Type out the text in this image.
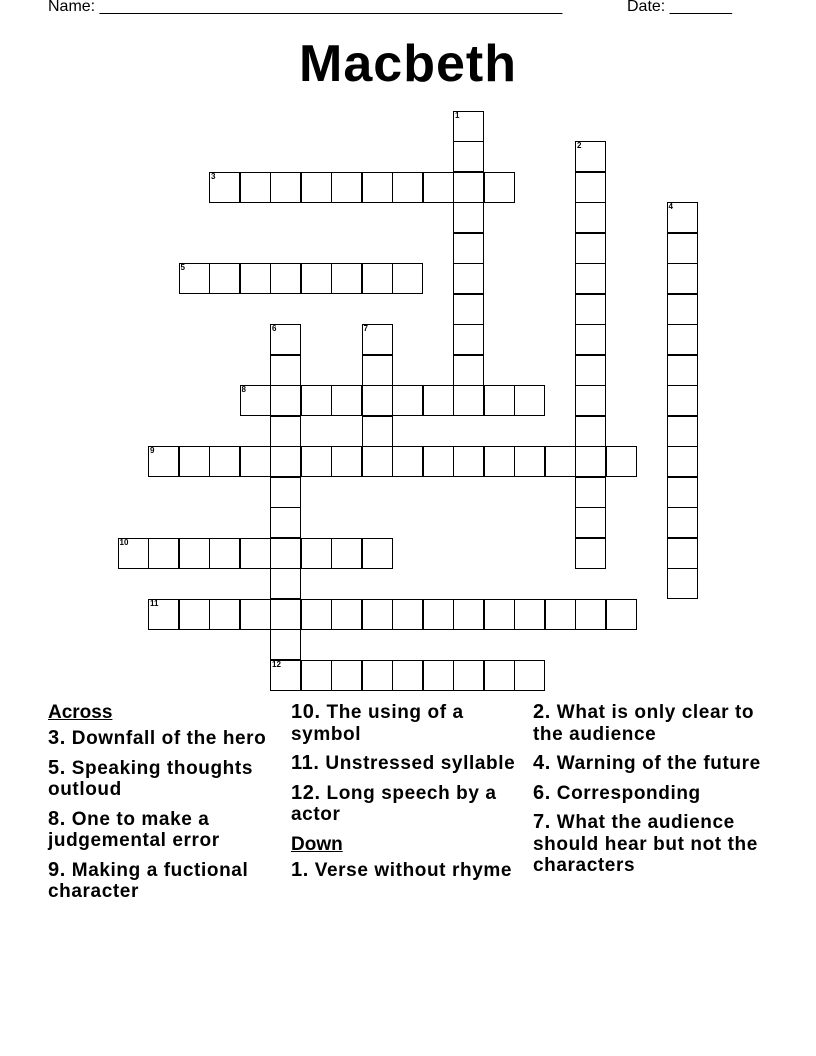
Name: ____________________________________________________	Date: _______
Macbeth
1
2
3
4
5
6
12
7
8
9
10
11
Across
3. Downfall of the hero
5. Speaking thoughts outloud
8. One to make a judgemental error
9. Making a fuctional character
10. The using of a symbol
11. Unstressed syllable
12. Long speech by a actor
Down
1. Verse without rhyme
2. What is only clear to the audience
4. Warning of the future
6. Corresponding
7. What the audience should hear but not the characters
